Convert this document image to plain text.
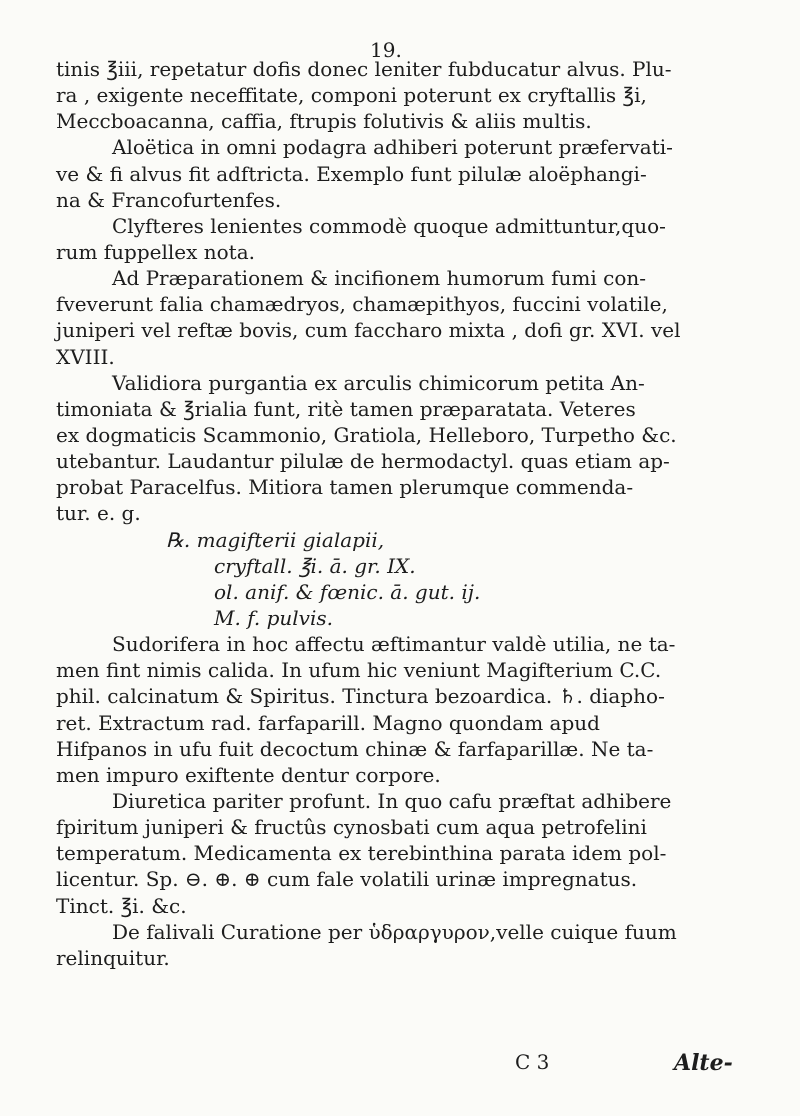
19.
tinis ℥iii, repetatur dofis donec leniter fubducatur alvus. Plu-
ra , exigente neceffitate, componi poterunt ex cryftallis ℥i,
Meccboacanna, caffia, ftrupis folutivis & aliis multis.
Aloëtica in omni podagra adhiberi poterunt præfervati-
ve & fi alvus fit adftricta. Exemplo funt pilulæ aloëphangi-
na & Francofurtenfes.
Clyfteres lenientes commodè quoque admittuntur,quo-
rum fuppellex nota.
Ad Præparationem & incifionem humorum fumi con-
fveverunt falia chamædryos, chamæpithyos, fuccini volatile,
juniperi vel reftæ bovis, cum faccharo mixta , dofi gr. XVI. vel
XVIII.
Validiora purgantia ex arculis chimicorum petita An-
timoniata & ℥rialia funt, ritè tamen præparatata. Veteres
ex dogmaticis Scammonio, Gratiola, Helleboro, Turpetho &c.
utebantur. Laudantur pilulæ de hermodactyl. quas etiam ap-
probat Paracelfus. Mitiora tamen plerumque commenda-
tur. e. g.
℞. magifterii gialapii,
cryftall. ℥i. ā. gr. IX.
ol. anif. & fœnic. ā. gut. ij.
M. f. pulvis.
Sudorifera in hoc affectu æftimantur valdè utilia, ne ta-
men fint nimis calida. In ufum hic veniunt Magifterium C.C.
phil. calcinatum & Spiritus. Tinctura bezoardica. ♄. diapho-
ret. Extractum rad. farfaparill. Magno quondam apud
Hifpanos in ufu fuit decoctum chinæ & farfaparillæ. Ne ta-
men impuro exiftente dentur corpore.
Diuretica pariter profunt. In quo cafu præftat adhibere
fpiritum juniperi & fructûs cynosbati cum aqua petrofelini
temperatum. Medicamenta ex terebinthina parata idem pol-
licentur. Sp. ⊖. ⊕. ⊕ cum fale volatili urinæ impregnatus.
Tinct. ℥i. &c.
De falivali Curatione per ὑδραργυρον,velle cuique fuum
relinquitur.
C 3	Alte-
